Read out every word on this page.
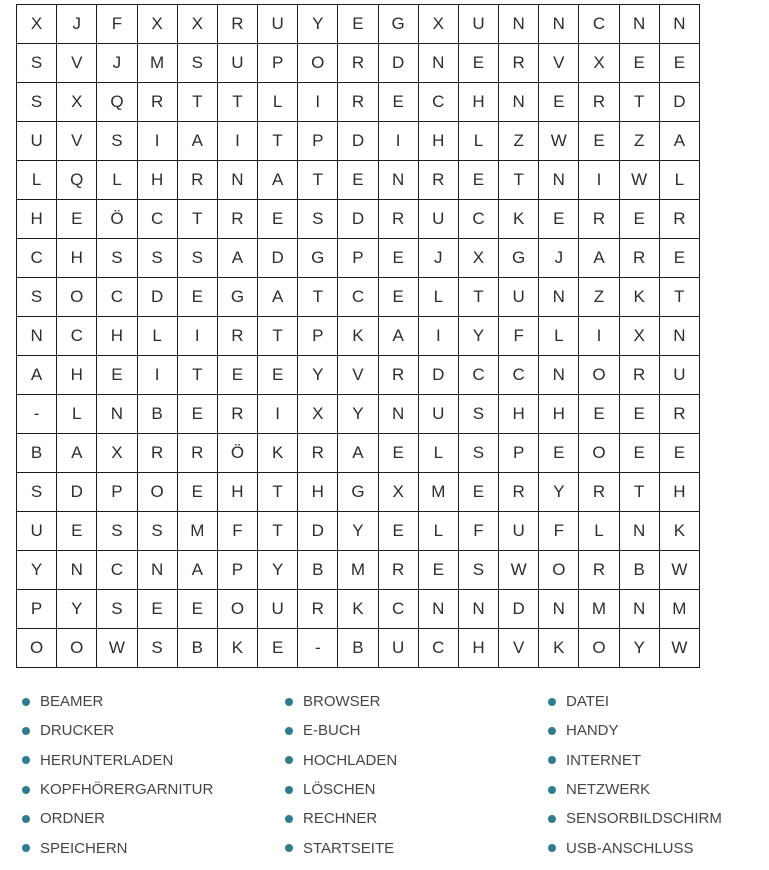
X	J	F	X	X	R	U	Y	E	G	X	U	N	N	C	N	N
S	V	J	M	S	U	P	O	R	D	N	E	R	V	X	E	E
S	X	Q	R	T	T	L	I	R	E	C	H	N	E	R	T	D
U	V	S	I	A	I	T	P	D	I	H	L	Z	W	E	Z	A
L	Q	L	H	R	N	A	T	E	N	R	E	T	N	I	W	L
H	E	Ö	C	T	R	E	S	D	R	U	C	K	E	R	E	R
C	H	S	S	S	A	D	G	P	E	J	X	G	J	A	R	E
S	O	C	D	E	G	A	T	C	E	L	T	U	N	Z	K	T
N	C	H	L	I	R	T	P	K	A	I	Y	F	L	I	X	N
A	H	E	I	T	E	E	Y	V	R	D	C	C	N	O	R	U
-	L	N	B	E	R	I	X	Y	N	U	S	H	H	E	E	R
B	A	X	R	R	Ö	K	R	A	E	L	S	P	E	O	E	E
S	D	P	O	E	H	T	H	G	X	M	E	R	Y	R	T	H
U	E	S	S	M	F	T	D	Y	E	L	F	U	F	L	N	K
Y	N	C	N	A	P	Y	B	M	R	E	S	W	O	R	B	W
P	Y	S	E	E	O	U	R	K	C	N	N	D	N	M	N	M
O	O	W	S	B	K	E	-	B	U	C	H	V	K	O	Y	W
BEAMER
DRUCKER
HERUNTERLADEN
KOPFHÖRERGARNITUR
ORDNER
SPEICHERN
BROWSER
E-BUCH
HOCHLADEN
LÖSCHEN
RECHNER
STARTSEITE
DATEI
HANDY
INTERNET
NETZWERK
SENSORBILDSCHIRM
USB-ANSCHLUSS
